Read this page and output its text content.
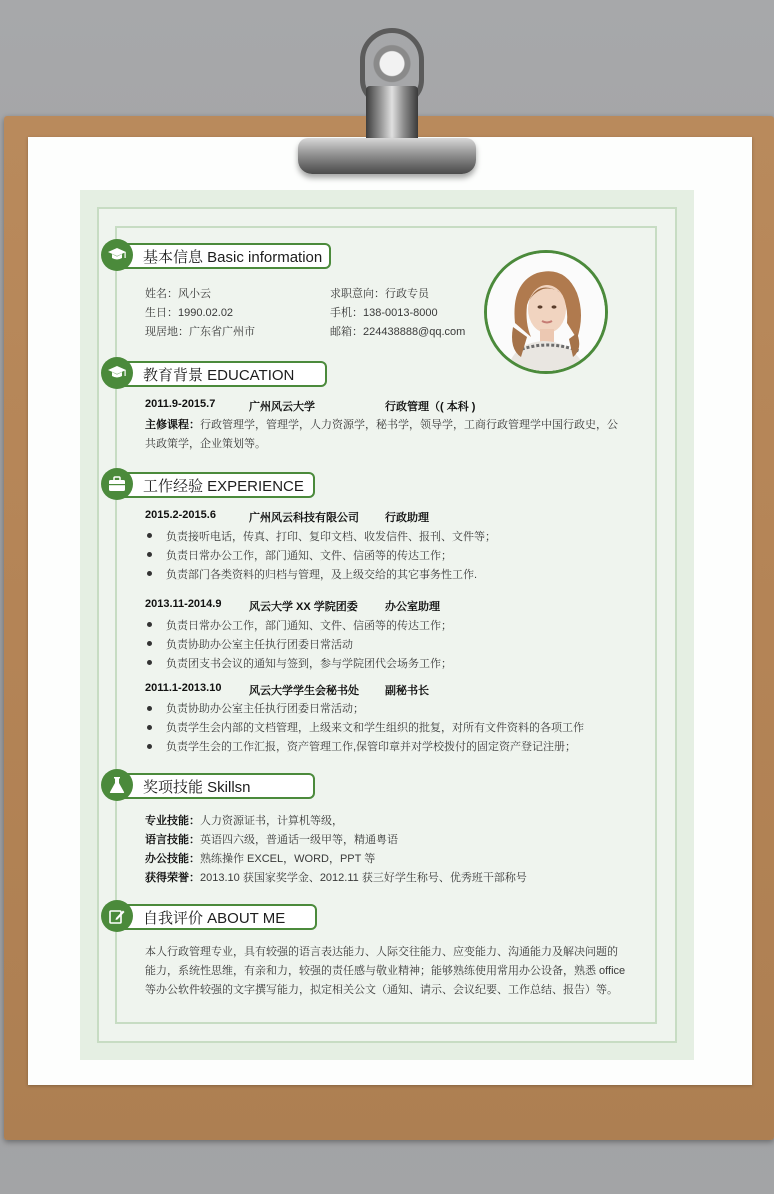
基本信息 Basic information
姓名：风小云
生日：1990.02.02
现居地：广东省广州市
求职意向：行政专员
手机：138-0013-8000
邮箱：224438888@qq.com
教育背景 EDUCATION
2011.9-2015.7	广州风云大学	行政管理（( 本科 )
主修课程：行政管理学，管理学，人力资源学，秘书学，领导学，工商行政管理学中国行政史，公
共政策学，企业策划等。
工作经验 EXPERIENCE
2015.2-2015.6	广州风云科技有限公司 行政助理
负责接听电话，传真、打印、复印文档、收发信件、报刊、文件等；
负责日常办公工作，部门通知、文件、信函等的传达工作；
负责部门各类资料的归档与管理，及上级交给的其它事务性工作.
2013.11-2014.9	风云大学 XX 学院团委 办公室助理
负责日常办公工作，部门通知、文件、信函等的传达工作；
负责协助办公室主任执行团委日常活动
负责团支书会议的通知与签到，参与学院团代会场务工作；
2011.1-2013.10	风云大学学生会秘书处 副秘书长
负责协助办公室主任执行团委日常活动；
负责学生会内部的文档管理，上级来文和学生组织的批复，对所有文件资料的各项工作
负责学生会的工作汇报，资产管理工作,保管印章并对学校拨付的固定资产登记注册；
奖项技能 Skillsn
专业技能：人力资源证书，计算机等级，
语言技能：英语四六级，普通话一级甲等，精通粤语
办公技能：熟练操作 EXCEL，WORD，PPT 等
获得荣誉：2013.10 获国家奖学金、2012.11 获三好学生称号、优秀班干部称号
自我评价 ABOUT ME
本人行政管理专业，具有较强的语言表达能力、人际交往能力、应变能力、沟通能力及解决问题的
能力，系统性思维，有亲和力，较强的责任感与敬业精神；能够熟练使用常用办公设备，熟悉 office
等办公软件较强的文字撰写能力，拟定相关公文（通知、请示、会议纪要、工作总结、报告）等。
